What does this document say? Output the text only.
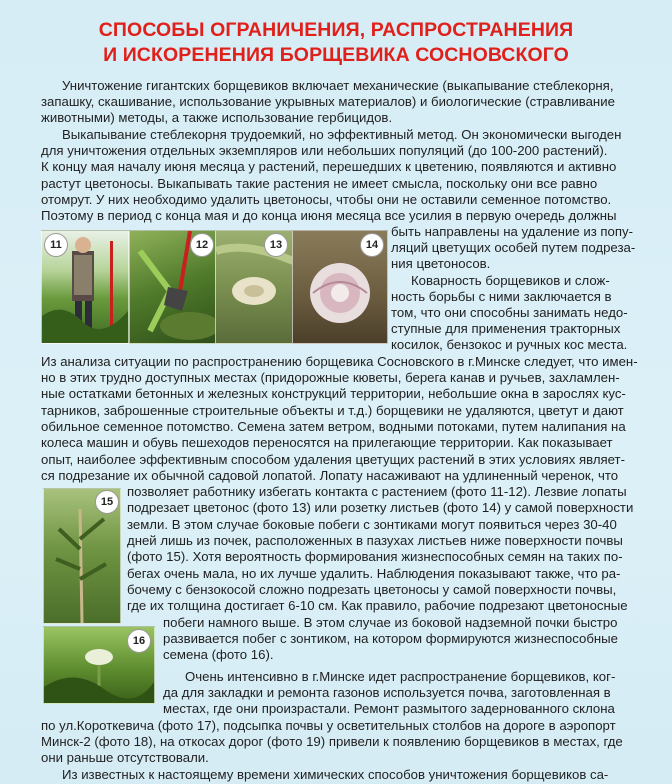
СПОСОБЫ ОГРАНИЧЕНИЯ, РАСПРОСТРАНЕНИЯ
И ИСКОРЕНЕНИЯ БОРЩЕВИКА СОСНОВСКОГО
11	12	13	14
15
16
Уничтожение гигантских борщевиков включает механические (выкапывание стеблекорня,
запашку, скашивание, использование укрывных материалов) и биологические (стравливание
животными) методы, а также использование гербицидов.
Выкапывание стеблекорня трудоемкий, но эффективный метод. Он экономически выгоден
для уничтожения отдельных экземпляров или небольших популяций (до 100-200 растений).
К концу мая началу июня месяца у растений, перешедших к цветению, появляются и активно
растут цветоносы. Выкапывать такие растения не имеет смысла, поскольку они все равно
отомрут. У них необходимо удалить цветоносы, чтобы они не оставили семенное потомство.
Поэтому в период с конца мая и до конца июня месяца все усилия в первую очередь должны
быть направлены на удаление из попу-
ляций цветущих особей путем подреза-
ния цветоносов.
Коварность борщевиков и слож-
ность борьбы с ними заключается в
том, что они способны занимать недо-
ступные для применения тракторных
косилок, бензокос и ручных кос места.
Из анализа ситуации по распространению борщевика Сосновского в г.Минске следует, что имен-
но в этих трудно доступных местах (придорожные кюветы, берега канав и ручьев, захламлен-
ные остатками бетонных и железных конструкций территории, небольшие окна в зарослях кус-
тарников, заброшенные строительные объекты и т.д.) борщевики не удаляются, цветут и дают
обильное семенное потомство. Семена затем ветром, водными потоками, путем налипания на
колеса машин и обувь пешеходов переносятся на прилегающие территории. Как показывает
опыт, наиболее эффективным способом удаления цветущих растений в этих условиях являет-
ся подрезание их обычной садовой лопатой. Лопату насаживают на удлиненный черенок, что
позволяет работнику избегать контакта с растением (фото 11-12). Лезвие лопаты
подрезает цветонос (фото 13) или розетку листьев (фото 14) у самой поверхности
земли. В этом случае боковые побеги с зонтиками могут появиться через 30-40
дней лишь из почек, расположенных в пазухах листьев ниже поверхности почвы
(фото 15). Хотя вероятность формирования жизнеспособных семян на таких по-
бегах очень мала, но их лучше удалить. Наблюдения показывают также, что ра-
бочему с бензокосой сложно подрезать цветоносы у самой поверхности почвы,
где их толщина достигает 6-10 см. Как правило, рабочие подрезают цветоносные
побеги намного выше. В этом случае из боковой надземной почки быстро
развивается побег с зонтиком, на котором формируются жизнеспособные
семена (фото 16).
Очень интенсивно в г.Минске идет распространение борщевиков, ког-
да для закладки и ремонта газонов используется почва, заготовленная в
местах, где они произрастали. Ремонт размытого задернованного склона
по ул.Короткевича (фото 17), подсыпка почвы у осветительных столбов на дороге в аэропорт
Минск-2 (фото 18), на откосах дорог (фото 19) привели к появлению борщевиков в местах, где
они раньше отсутствовали.
Из известных к настоящему времени химических способов уничтожения борщевиков са-
